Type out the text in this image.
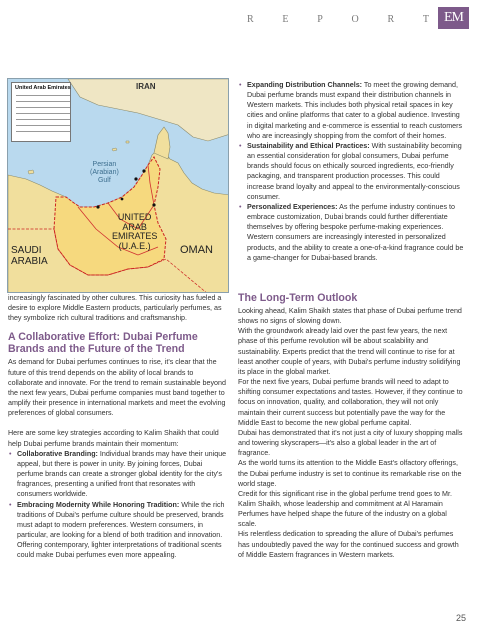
R	E	P	O	R	T	EM
United Arab Emirates	IRAN
Persian
(Arabian)
Gulf
UNITED
ARAB
EMIRATES
(U.A.E.)
SAUDI
ARABIA
OMAN

• Expanding Distribution Channels: To meet the growing demand, Dubai perfume brands must expand their distribution channels in Western markets. This includes both physical retail spaces in key cities and online platforms that cater to a global audience. Investing in digital marketing and e-commerce is essential to reach customers who are increasingly shopping from the comfort of their homes.

• Sustainability and Ethical Practices: With sustainability becoming an essential consideration for global consumers, Dubai perfume brands should focus on ethically sourced ingredients, eco-friendly packaging, and transparent production processes. This could increase brand loyalty and appeal to the environmentally-conscious consumer.

• Personalized Experiences: As the perfume industry continues to embrace customization, Dubai brands could further differentiate themselves by offering bespoke perfume-making experiences. Western consumers are increasingly interested in personalized products, and the ability to create a one-of-a-kind fragrance could be a game-changer for Dubai-based brands.

increasingly fascinated by other cultures. This curiosity has fueled a desire to explore Middle Eastern products, particularly perfumes, as they symbolize rich cultural traditions and craftsmanship.

A Collaborative Effort: Dubai Perfume Brands and the Future of the Trend

As demand for Dubai perfumes continues to rise, it's clear that the future of this trend depends on the ability of local brands to collaborate and innovate. For the trend to remain sustainable beyond the next few years, Dubai perfume companies must band together to amplify their presence in international markets and meet the evolving preferences of global consumers.

Here are some key strategies according to Kalim Shaikh that could help Dubai perfume brands maintain their momentum:

• Collaborative Branding: Individual brands may have their unique appeal, but there is power in unity. By joining forces, Dubai perfume brands can create a stronger global identity for the city's fragrances, presenting a unified front that resonates with consumers worldwide.

• Embracing Modernity While Honoring Tradition: While the rich traditions of Dubai's perfume culture should be preserved, brands must adapt to modern preferences. Western consumers, in particular, are looking for a blend of both tradition and innovation. Offering contemporary, lighter interpretations of traditional scents could make Dubai perfumes even more appealing.

The Long-Term Outlook

Looking ahead, Kalim Shaikh states that phase of Dubai perfume trend shows no signs of slowing down.

With the groundwork already laid over the past few years, the next phase of this perfume revolution will be about scalability and sustainability. Experts predict that the trend will continue to rise for at least another couple of years, with Dubai's perfume industry solidifying its place in the global market.

For the next five years, Dubai perfume brands will need to adapt to shifting consumer expectations and tastes. However, if they continue to focus on innovation, quality, and collaboration, they will not only maintain their current success but potentially pave the way for the Middle East to become the new global perfume capital.

Dubai has demonstrated that it's not just a city of luxury shopping malls and towering skyscrapers—it's also a global leader in the art of fragrance.

As the world turns its attention to the Middle East's olfactory offerings, the Dubai perfume industry is set to continue its remarkable rise on the world stage.

Credit for this significant rise in the global perfume trend goes to Mr. Kalim Shaikh, whose leadership and commitment at Al Haramain Perfumes have helped shape the future of the industry on a global scale.

His relentless dedication to spreading the allure of Dubai's perfumes has undoubtedly paved the way for the continued success and growth of Middle Eastern fragrances in Western markets.

25
